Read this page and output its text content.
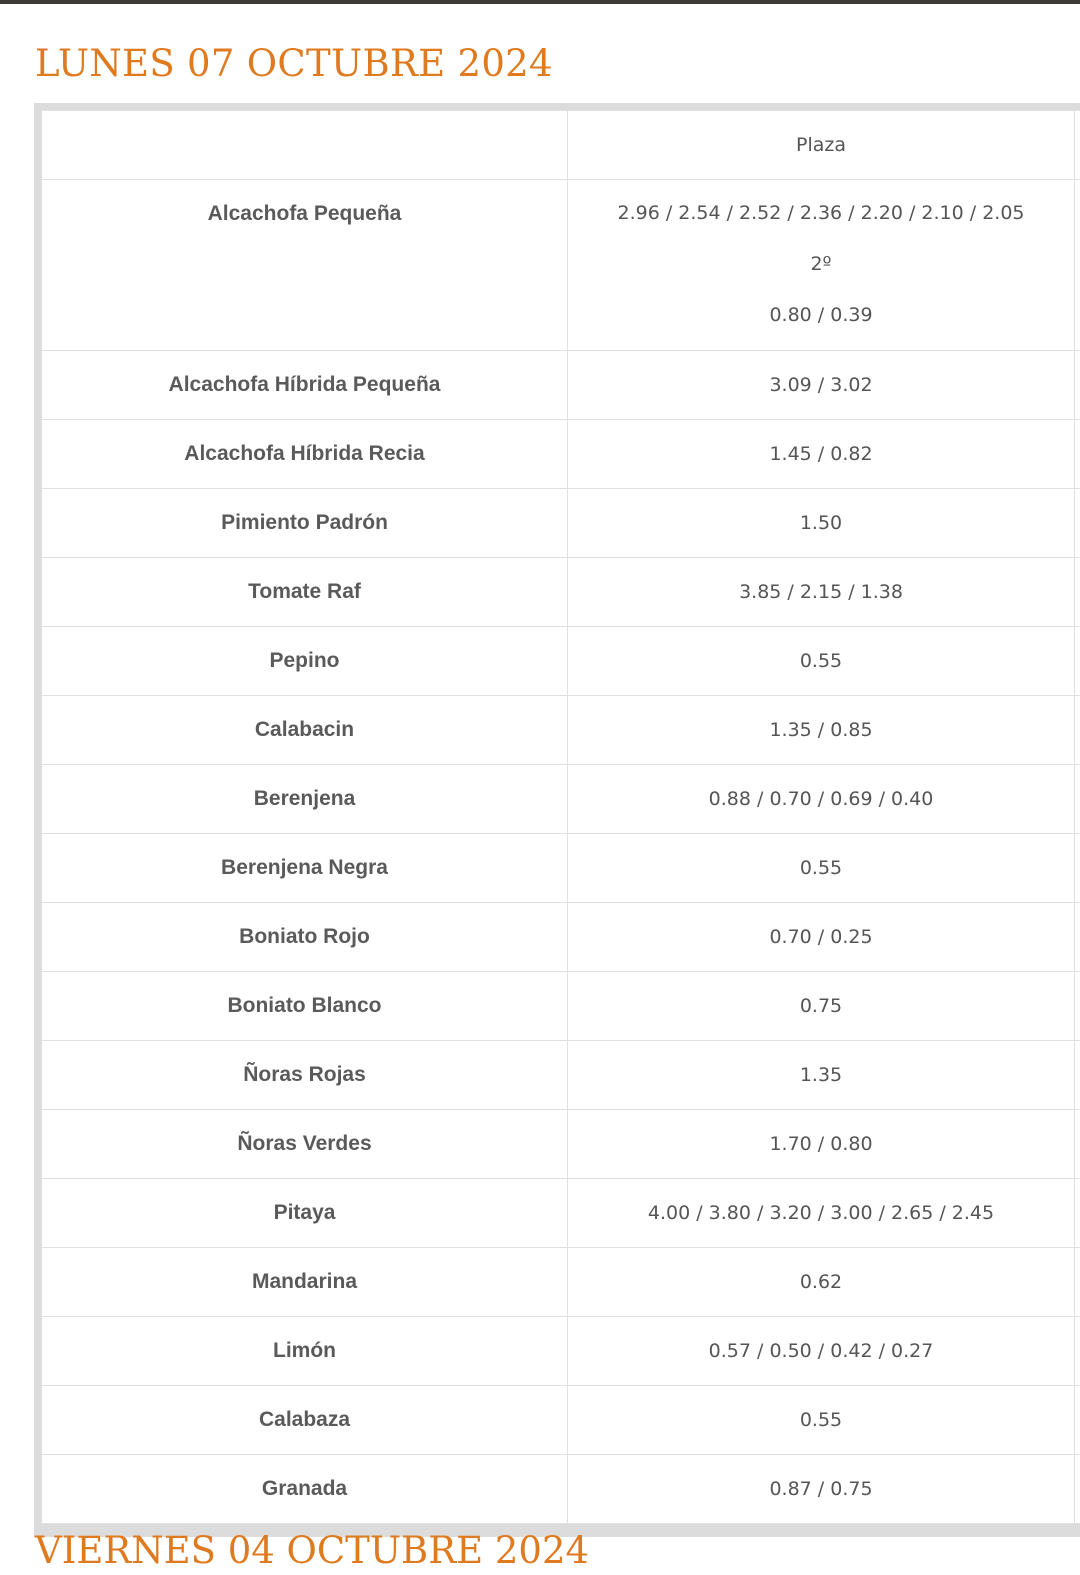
LUNES 07 OCTUBRE 2024
	Plaza	
Alcachofa Pequeña	2.96 / 2.54 / 2.52 / 2.36 / 2.20 / 2.10 / 2.05
2º
0.80 / 0.39	

Alcachofa Híbrida Pequeña	3.09 / 3.02	
Alcachofa Híbrida Recia	1.45 / 0.82	
Pimiento Padrón	1.50	
Tomate Raf	3.85 / 2.15 / 1.38	
Pepino	0.55	
Calabacin	1.35 / 0.85	
Berenjena	0.88 / 0.70 / 0.69 / 0.40	
Berenjena Negra	0.55	
Boniato Rojo	0.70 / 0.25	
Boniato Blanco	0.75	
Ñoras Rojas	1.35	
Ñoras Verdes	1.70 / 0.80	
Pitaya	4.00 / 3.80 / 3.20 / 3.00 / 2.65 / 2.45	
Mandarina	0.62	
Limón	0.57 / 0.50 / 0.42 / 0.27	
Calabaza	0.55	
Granada	0.87 / 0.75	
VIERNES 04 OCTUBRE 2024
